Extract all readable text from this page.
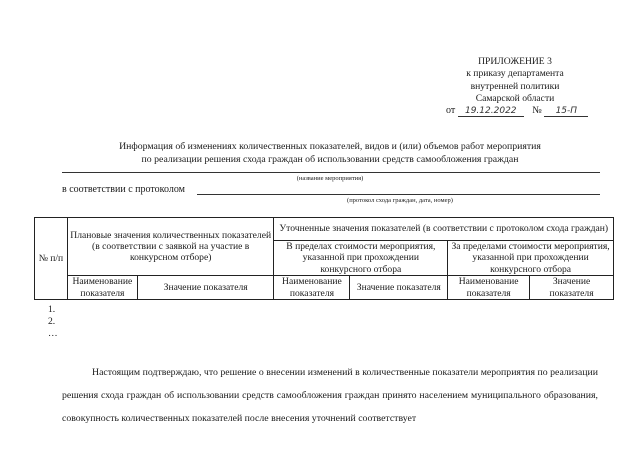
ПРИЛОЖЕНИЕ 3
к приказу департамента
внутренней политики
Самарской области
от 19.12.2022 № 15-П
Информация об изменениях количественных показателей, видов и (или) объемов работ мероприятия
по реализации решения схода граждан об использовании средств самообложения граждан
(название мероприятия)
в соответствии с протоколом
(протокол схода граждан, дата, номер)
№ п/п	Плановые значения количественных показателей (в соответствии с заявкой на участие в конкурсном отборе)		Уточненные значения показателей (в соответствии с протоколом схода граждан)			
			В пределах стоимости мероприятия, указанной при прохождении конкурсного отбора		За пределами стоимости мероприятия, указанной при прохождении конкурсного отбора	
	Наименование показателя	Значение показателя	Наименование показателя	Значение показателя	Наименование показателя	Значение показателя
1.
2.
…
Настоящим подтверждаю, что решение о внесении изменений в количественные показатели мероприятия по реализации решения схода граждан об использовании средств самообложения граждан принято населением муниципального образования, совокупность количественных показателей после внесения уточнений соответствует
